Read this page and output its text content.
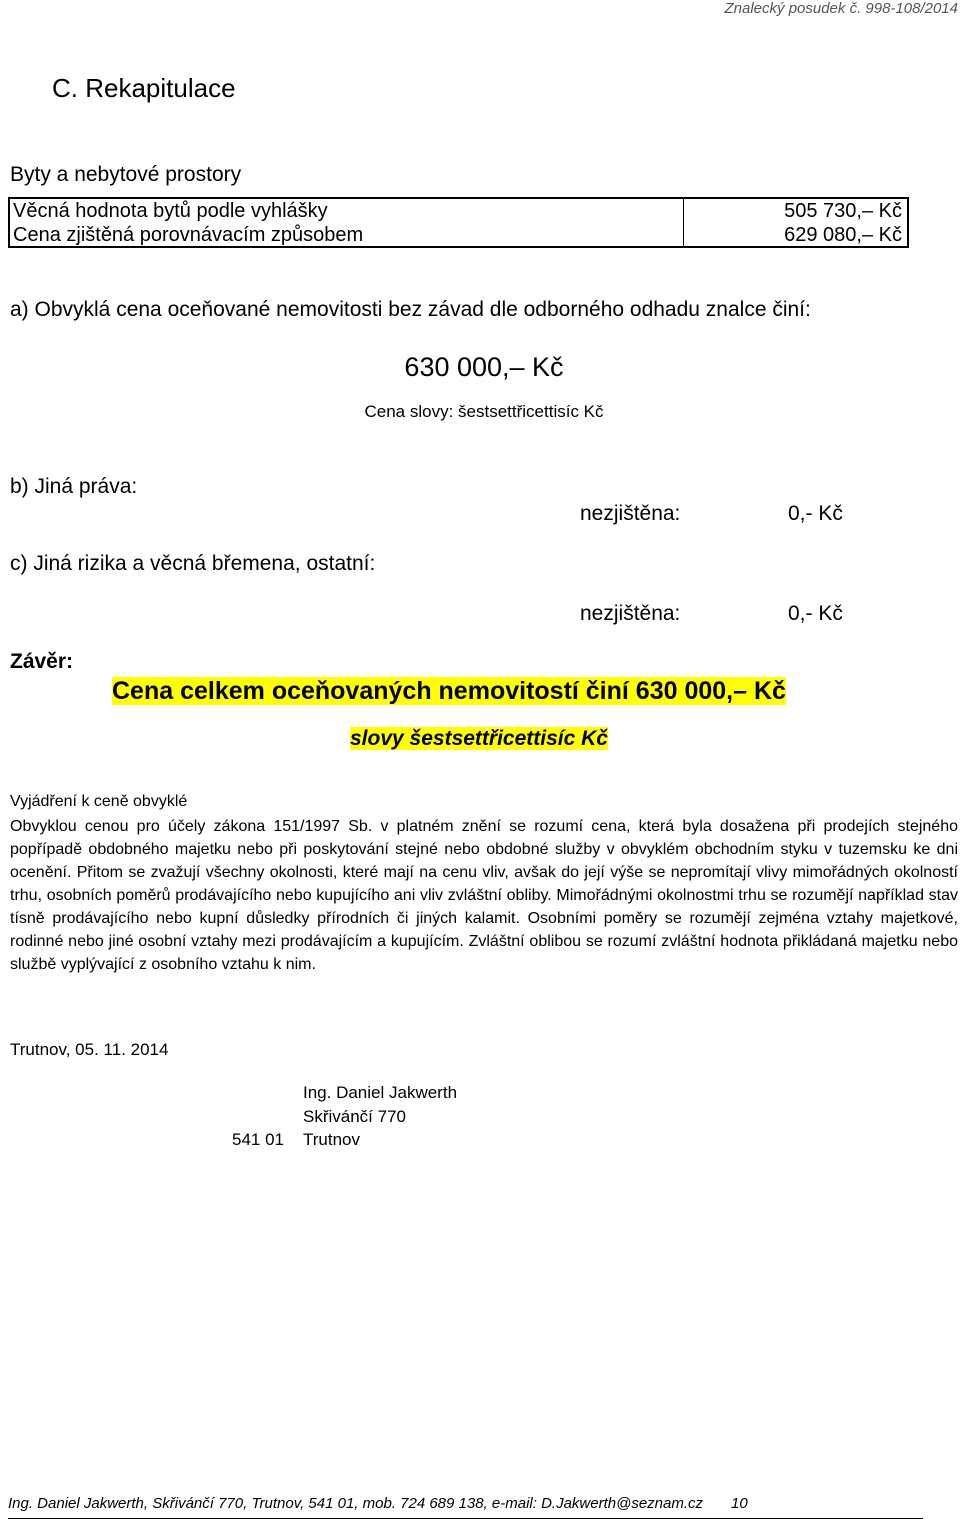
Znalecký posudek č. 998-108/2014
C. Rekapitulace
Byty a nebytové prostory
Věcná hodnota bytů podle vyhlášky	505 730,– Kč
Cena zjištěná porovnávacím způsobem	629 080,– Kč
a) Obvyklá cena oceňované nemovitosti bez závad dle odborného odhadu znalce činí:
630 000,– Kč
Cena slovy: šestsettřicettisíc Kč
b) Jiná práva:
nezjištěna:	0,- Kč
c) Jiná rizika a věcná břemena, ostatní:
nezjištěna:	0,- Kč
Závěr:
Cena celkem oceňovaných nemovitostí činí 630 000,– Kč
slovy šestsettřicettisíc Kč
Vyjádření k ceně obvyklé
Obvyklou cenou pro účely zákona 151/1997 Sb. v platném znění se rozumí cena, která byla dosažena při prodejích stejného popřípadě obdobného majetku nebo při poskytování stejné nebo obdobné služby v obvyklém obchodním styku v tuzemsku ke dni ocenění. Přitom se zvažují všechny okolnosti, které mají na cenu vliv, avšak do její výše se nepromítají vlivy mimořádných okolností trhu, osobních poměrů prodávajícího nebo kupujícího ani vliv zvláštní obliby. Mimořádnými okolnostmi trhu se rozumějí například stav tísně prodávajícího nebo kupní důsledky přírodních či jiných kalamit. Osobními poměry se rozumějí zejména vztahy majetkové, rodinné nebo jiné osobní vztahy mezi prodávajícím a kupujícím. Zvláštní oblibou se rozumí zvláštní hodnota přikládaná majetku nebo službě vyplývající z osobního vztahu k nim.
Trutnov, 05. 11. 2014
Ing. Daniel Jakwerth
Skřivánčí 770
541 01 Trutnov
Ing. Daniel Jakwerth, Skřivánčí 770, Trutnov, 541 01, mob. 724 689 138, e-mail: D.Jakwerth@seznam.cz 10
